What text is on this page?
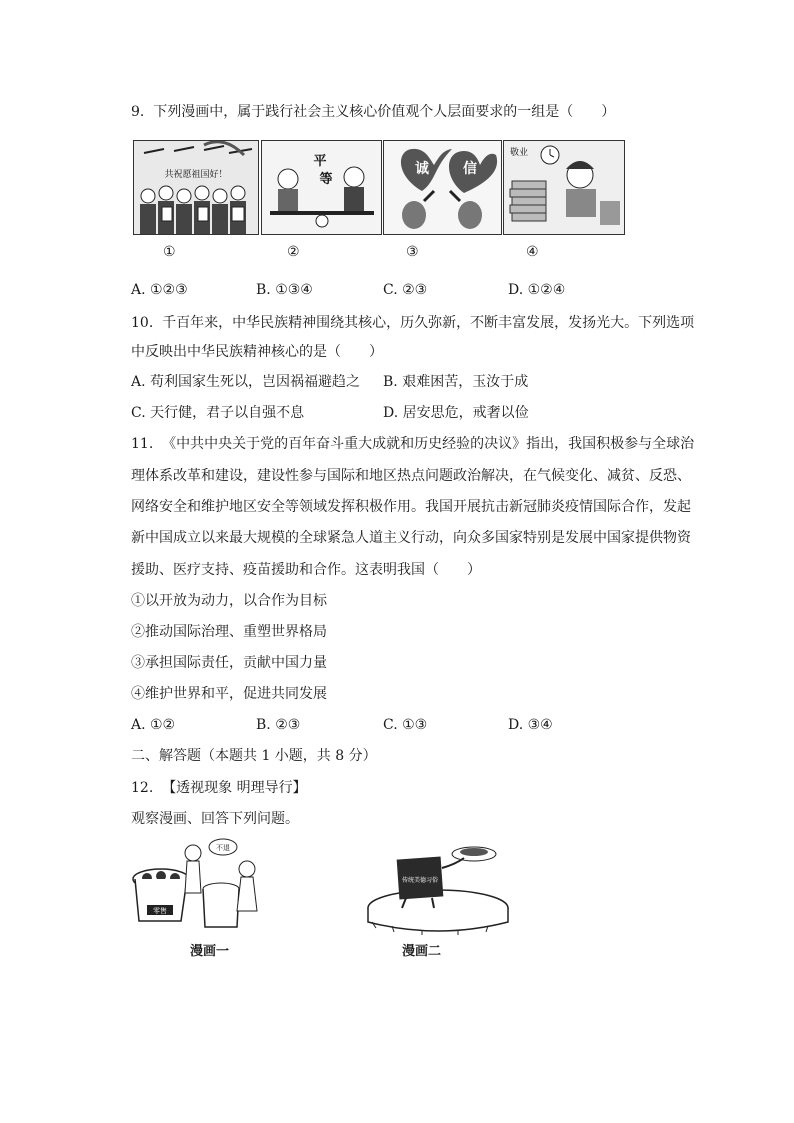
9.  下列漫画中，属于践行社会主义核心价值观个人层面要求的一组是（　　）
共祝愿祖国好！
平
等
诚 信
敬业
①	②	③	④
A. ①②③	B. ①③④	C. ②③	D. ①②④
10.  千百年来，中华民族精神围绕其核心，历久弥新，不断丰富发展，发扬光大。下列选项
中反映出中华民族精神核心的是（　　）
A. 苟利国家生死以，岂因祸福避趋之 B. 艰难困苦，玉汝于成
C. 天行健，君子以自强不息	D. 居安思危，戒奢以俭
11.  《中共中央关于党的百年奋斗重大成就和历史经验的决议》指出，我国积极参与全球治
理体系改革和建设，建设性参与国际和地区热点问题政治解决，在气候变化、减贫、反恐、
网络安全和维护地区安全等领域发挥积极作用。我国开展抗击新冠肺炎疫情国际合作，发起
新中国成立以来最大规模的全球紧急人道主义行动，向众多国家特别是发展中国家提供物资
援助、医疗支持、疫苗援助和合作。这表明我国（　　）
①以开放为动力，以合作为目标
②推动国际治理、重塑世界格局
③承担国际责任，贡献中国力量
④维护世界和平，促进共同发展
A. ①②	B. ②③	C. ①③	D. ③④
二、解答题（本题共 1 小题，共 8 分）
12.  【透视现象 明理导行】
观察漫画、回答下列问题。
零售
不退
漫画一
传统美德习俗
漫画二
